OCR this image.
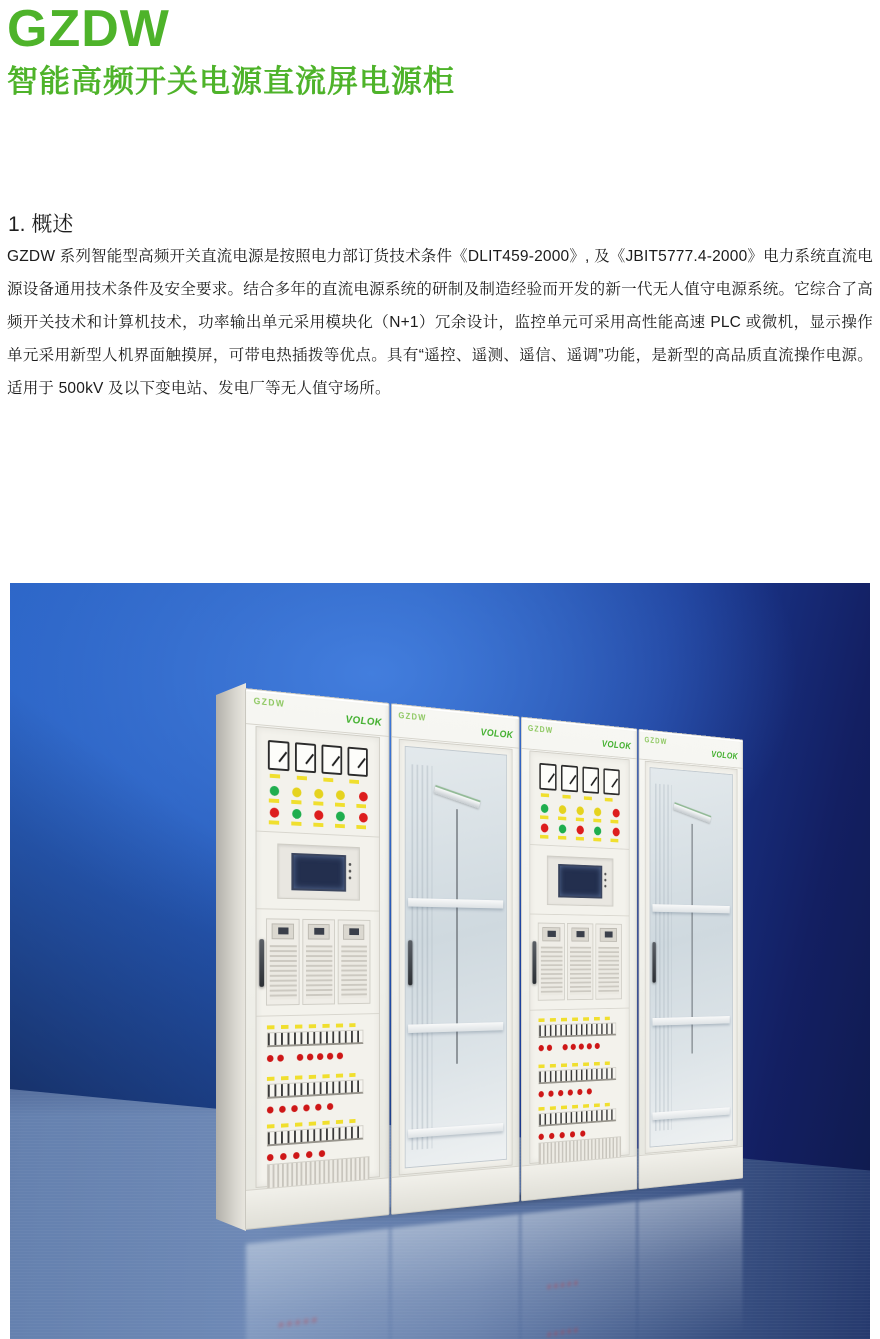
GZDW
智能高频开关电源直流屏电源柜
1. 概述

GZDW 系列智能型高频开关直流电源是按照电力部订货技术条件《DLIT459-2000》, 及《JBIT5777.4-2000》电力系统直流电源设备通用技术条件及安全要求。结合多年的直流电源系统的研制及制造经验而开发的新一代无人值守电源系统。它综合了高频开关技术和计算机技术，功率输出单元采用模块化（N+1）冗余设计，监控单元可采用高性能高速 PLC 或微机，显示操作单元采用新型人机界面触摸屏，可带电热插拨等优点。具有“遥控、遥测、遥信、遥调”功能，是新型的高品质直流操作电源。适用于 500kV 及以下变电站、发电厂等无人值守场所。

GZDW
VOLOK GZDW
VOLOK GZDW
VOLOK GZDW
VOLOK
